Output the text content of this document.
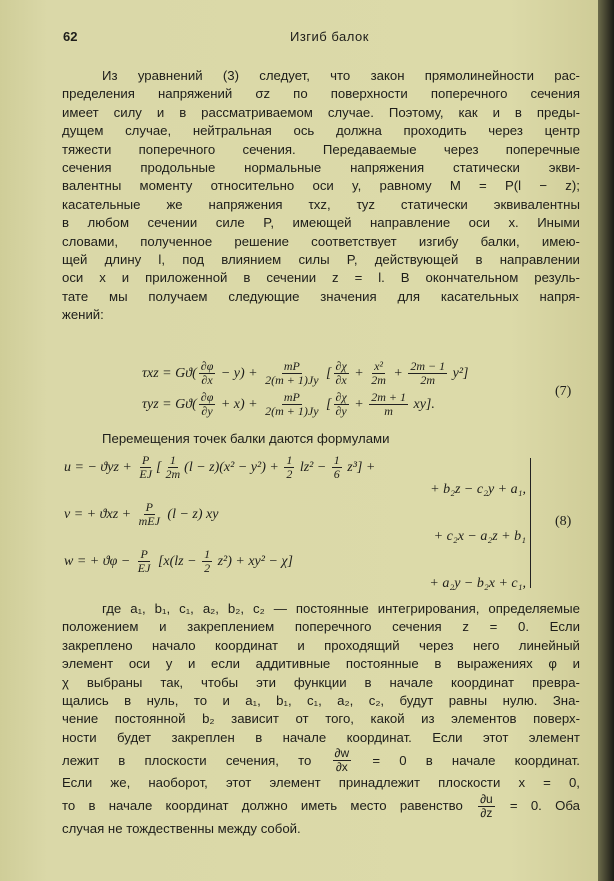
62	Изгиб балок
Из уравнений (3) следует, что закон прямолинейности рас-
пределения напряжений σz по поверхности поперечного сечения
имеет силу и в рассматриваемом случае. Поэтому, как и в преды-
дущем случае, нейтральная ось должна проходить через центр
тяжести поперечного сечения. Передаваемые через поперечные
сечения продольные нормальные напряжения статически экви-
валентны моменту относительно оси y, равному M = P(l − z);
касательные же напряжения τxz, τyz статически эквивалентны
в любом сечении силе P, имеющей направление оси x. Иными
словами, полученное решение соответствует изгибу балки, имею-
щей длину l, под влиянием силы P, действующей в направлении
оси x и приложенной в сечении z = l. В окончательном резуль-
тате мы получаем следующие значения для касательных напря-
жений:
$\tau xz = Gϑ( \frac{\partial\varphi}{\partial x} - y) + \frac{mP}{2(m + 1)Jy}$ [ $\frac{\partial\chi}{\partial x} + \frac{\text{x²}}{2m} + \frac{2m - 1}{2m} y^2$]
$\tau yz = Gϑ( \frac{\partial\varphi}{\partial y} + x) + \frac{mP}{2(m + 1)Jy}$ [ $\frac{\partial\chi}{\partial y} + \frac{2m + 1}{m} xy$].
(7)
Перемещения точек балки даются формулами
u = − $ϑyz + \frac{P}{EJ}$ [ $\frac{1}{2m} (l - z)(x^2 - y^2) + \frac{1}{2} lz^2 - \frac{1}{6} z^3$] +
+ b₂z − c₂y + a₁,
v = + $ϑxz + \frac{P}{\text{mEJ}} (l - z)$ xy
+ c₂x − a₂z + b₁
w = + $ϑ\varphi - \frac{P}{EJ} [x(lz - \frac{1}{2} z^2) + xy^2 - \chi]$
+ a₂y − b₂x + c₁,
(8)
где a₁, b₁, c₁, a₂, b₂, c₂ — постоянные интегрирования, определяемые
положением и закреплением поперечного сечения z = 0. Если
закреплено начало координат и проходящий через него линейный
элемент оси y и если аддитивные постоянные в выражениях φ и
χ выбраны так, чтобы эти функции в начале координат превра-
щались в нуль, то и a₁, b₁, c₁, a₂, c₂, будут равны нулю. Зна-
чение постоянной b₂ зависит от того, какой из элементов поверх-
ности будет закреплен в начале координат. Если этот элемент
лежит в плоскости сечения, то $\frac{\partial w}{\partial x} = 0$ в начале координат.
Если же, наоборот, этот элемент принадлежит плоскости x = 0,
то в начале координат должно иметь место равенство $\frac{\partial u}{\partial z} = 0$. Оба
случая не тождественны между собой.
